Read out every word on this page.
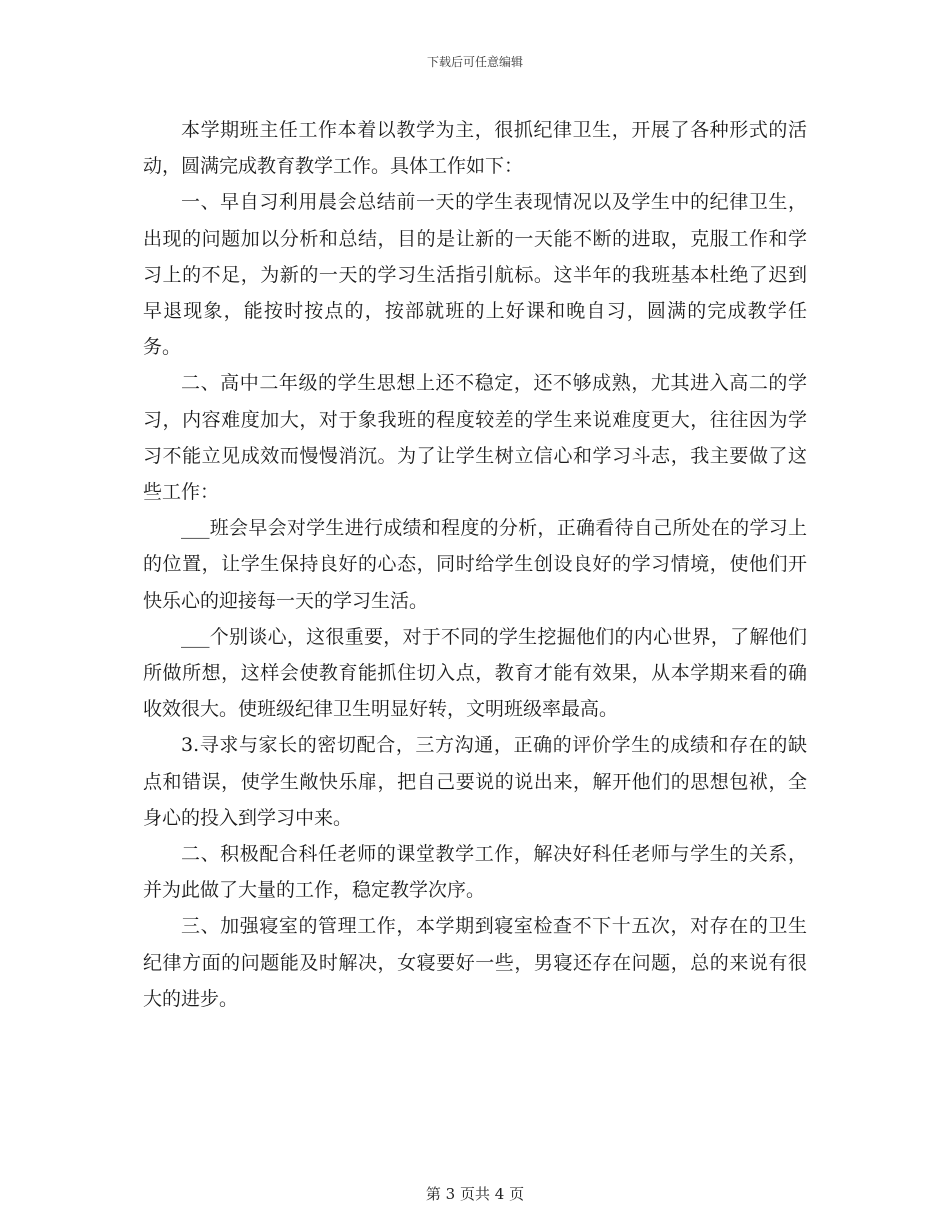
下载后可任意编辑

本学期班主任工作本着以教学为主，很抓纪律卫生，开展了各种形式的活动，圆满完成教育教学工作。具体工作如下：

一、早自习利用晨会总结前一天的学生表现情况以及学生中的纪律卫生，出现的问题加以分析和总结，目的是让新的一天能不断的进取，克服工作和学习上的不足，为新的一天的学习生活指引航标。这半年的我班基本杜绝了迟到早退现象，能按时按点的，按部就班的上好课和晚自习，圆满的完成教学任务。

二、高中二年级的学生思想上还不稳定，还不够成熟，尤其进入高二的学习，内容难度加大，对于象我班的程度较差的学生来说难度更大，往往因为学习不能立见成效而慢慢消沉。为了让学生树立信心和学习斗志，我主要做了这些工作：

___班会早会对学生进行成绩和程度的分析，正确看待自己所处在的学习上的位置，让学生保持良好的心态，同时给学生创设良好的学习情境，使他们开快乐心的迎接每一天的学习生活。

___个别谈心，这很重要，对于不同的学生挖掘他们的内心世界，了解他们所做所想，这样会使教育能抓住切入点，教育才能有效果，从本学期来看的确收效很大。使班级纪律卫生明显好转，文明班级率最高。

3.寻求与家长的密切配合，三方沟通，正确的评价学生的成绩和存在的缺点和错误，使学生敞快乐扉，把自己要说的说出来，解开他们的思想包袱，全身心的投入到学习中来。

二、积极配合科任老师的课堂教学工作，解决好科任老师与学生的关系，并为此做了大量的工作，稳定教学次序。

三、加强寝室的管理工作，本学期到寝室检查不下十五次，对存在的卫生纪律方面的问题能及时解决，女寝要好一些，男寝还存在问题，总的来说有很大的进步。

第 3 页共 4 页
